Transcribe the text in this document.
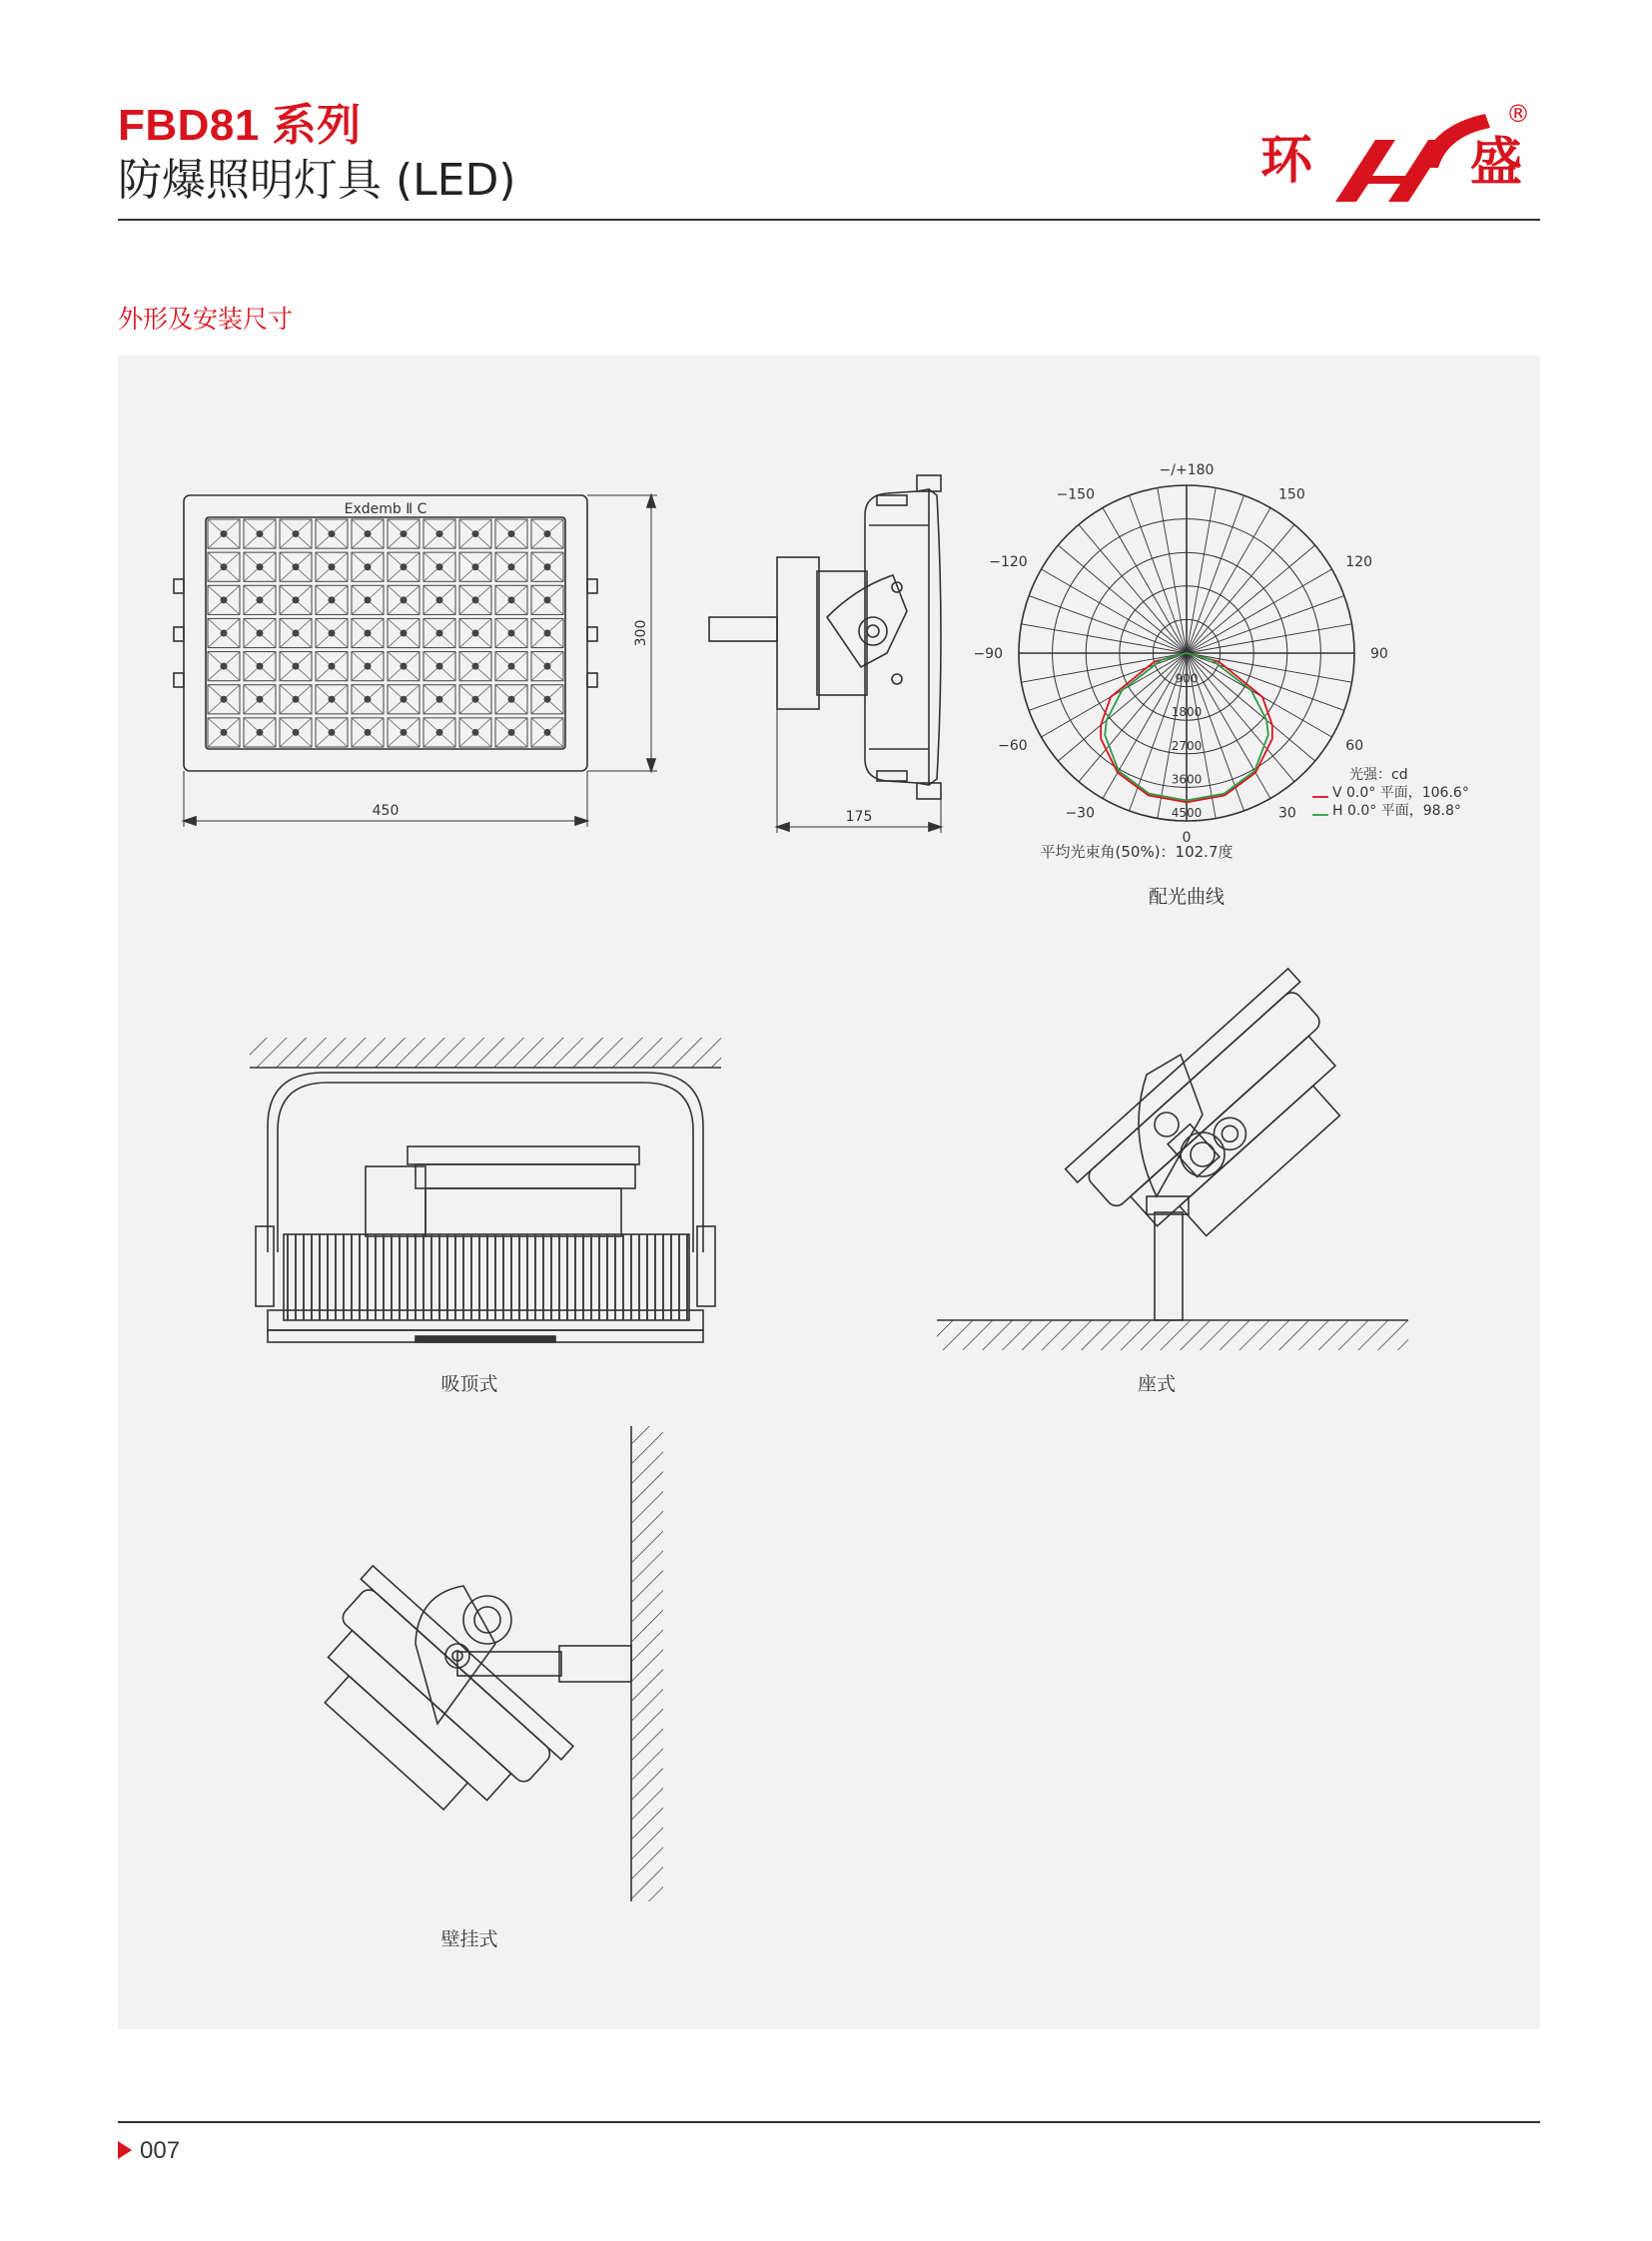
FBD81 系列
防爆照明灯具 (LED)	环	盛
®
外形及安装尺寸
Exdemb Ⅱ C
450
300
175
−/+180
−150	150
−120	120
−90	90
−60	60
−30	30
0
900
1800
2700
3600
4500
光强：cd
V 0.0° 平面，106.6°
H 0.0° 平面，98.8°
平均光束角(50%)：102.7度
配光曲线
吸顶式	座式
壁挂式
007
